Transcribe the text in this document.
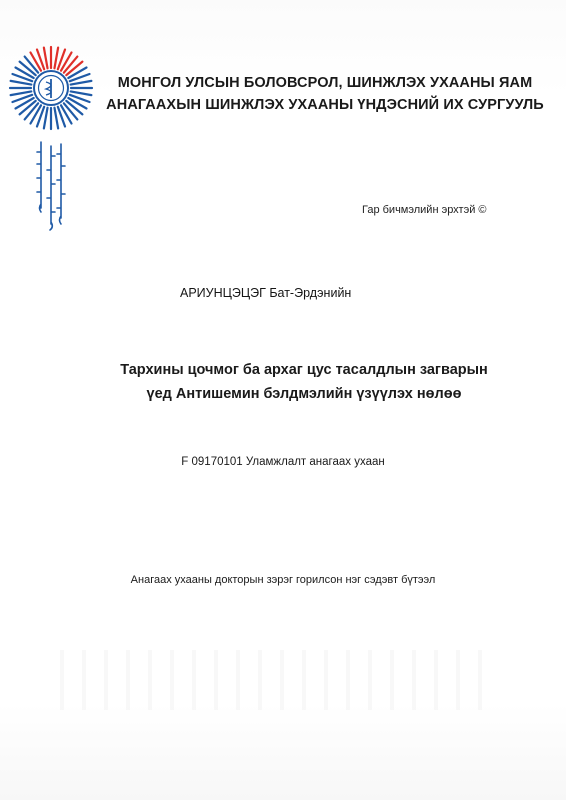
МОНГОЛ УЛСЫН БОЛОВСРОЛ, ШИНЖЛЭХ УХААНЫ ЯАМ
АНАГААХЫН ШИНЖЛЭХ УХААНЫ ҮНДЭСНИЙ ИХ СУРГУУЛЬ
Гар бичмэлийн эрхтэй ©
АРИУНЦЭЦЭГ Бат-Эрдэнийн
Тархины цочмог ба архаг цус тасалдлын загварын
үед Антишемин бэлдмэлийн үзүүлэх нөлөө
F 09170101 Уламжлалт анагаах ухаан
Анагаах ухааны докторын зэрэг горилсон нэг сэдэвт бүтээл
